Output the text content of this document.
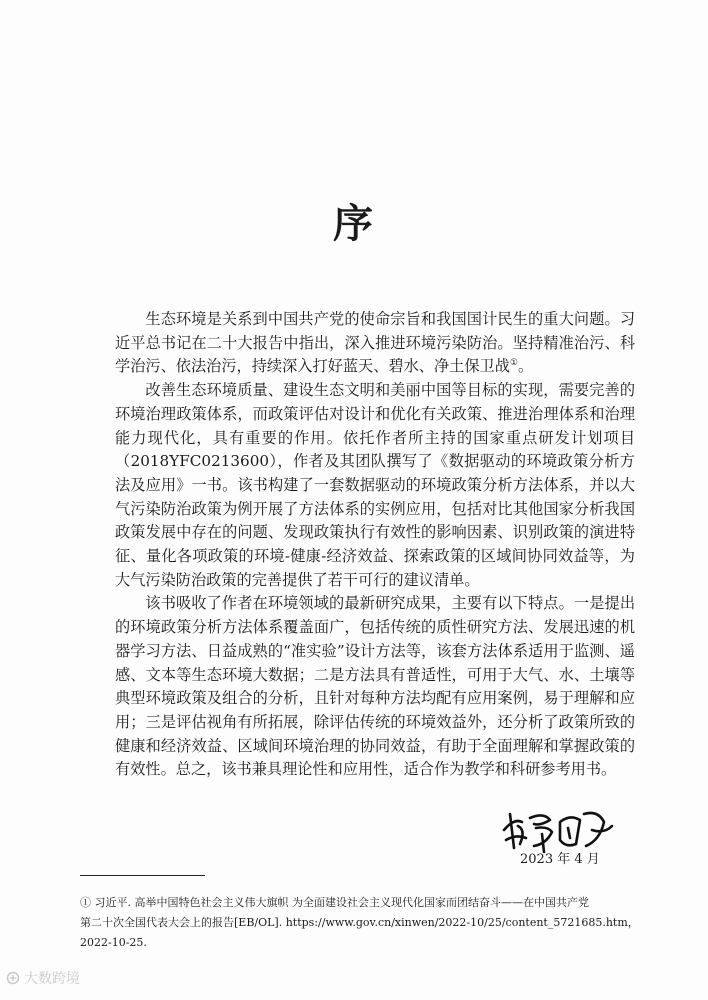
序

生态环境是关系到中国共产党的使命宗旨和我国国计民生的重大问题。习近平总书记在二十大报告中指出，深入推进环境污染防治。坚持精准治污、科学治污、依法治污，持续深入打好蓝天、碧水、净土保卫战①。

改善生态环境质量、建设生态文明和美丽中国等目标的实现，需要完善的环境治理政策体系，而政策评估对设计和优化有关政策、推进治理体系和治理能力现代化，具有重要的作用。依托作者所主持的国家重点研发计划项目（2018YFC0213600），作者及其团队撰写了《数据驱动的环境政策分析方法及应用》一书。该书构建了一套数据驱动的环境政策分析方法体系，并以大气污染防治政策为例开展了方法体系的实例应用，包括对比其他国家分析我国政策发展中存在的问题、发现政策执行有效性的影响因素、识别政策的演进特征、量化各项政策的环境-健康-经济效益、探索政策的区域间协同效益等，为大气污染防治政策的完善提供了若干可行的建议清单。

该书吸收了作者在环境领域的最新研究成果，主要有以下特点。一是提出的环境政策分析方法体系覆盖面广，包括传统的质性研究方法、发展迅速的机器学习方法、日益成熟的“准实验”设计方法等，该套方法体系适用于监测、遥感、文本等生态环境大数据；二是方法具有普适性，可用于大气、水、土壤等典型环境政策及组合的分析，且针对每种方法均配有应用案例，易于理解和应用；三是评估视角有所拓展，除评估传统的环境效益外，还分析了政策所致的健康和经济效益、区域间环境治理的协同效益，有助于全面理解和掌握政策的有效性。总之，该书兼具理论性和应用性，适合作为教学和科研参考用书。

2023 年 4 月
① 习近平. 高举中国特色社会主义伟大旗帜 为全面建设社会主义现代化国家而团结奋斗——在中国共产党
第二十次全国代表大会上的报告[EB/OL]. https://www.gov.cn/xinwen/2022-10/25/content_5721685.htm，2022-10-25.
大数跨境
